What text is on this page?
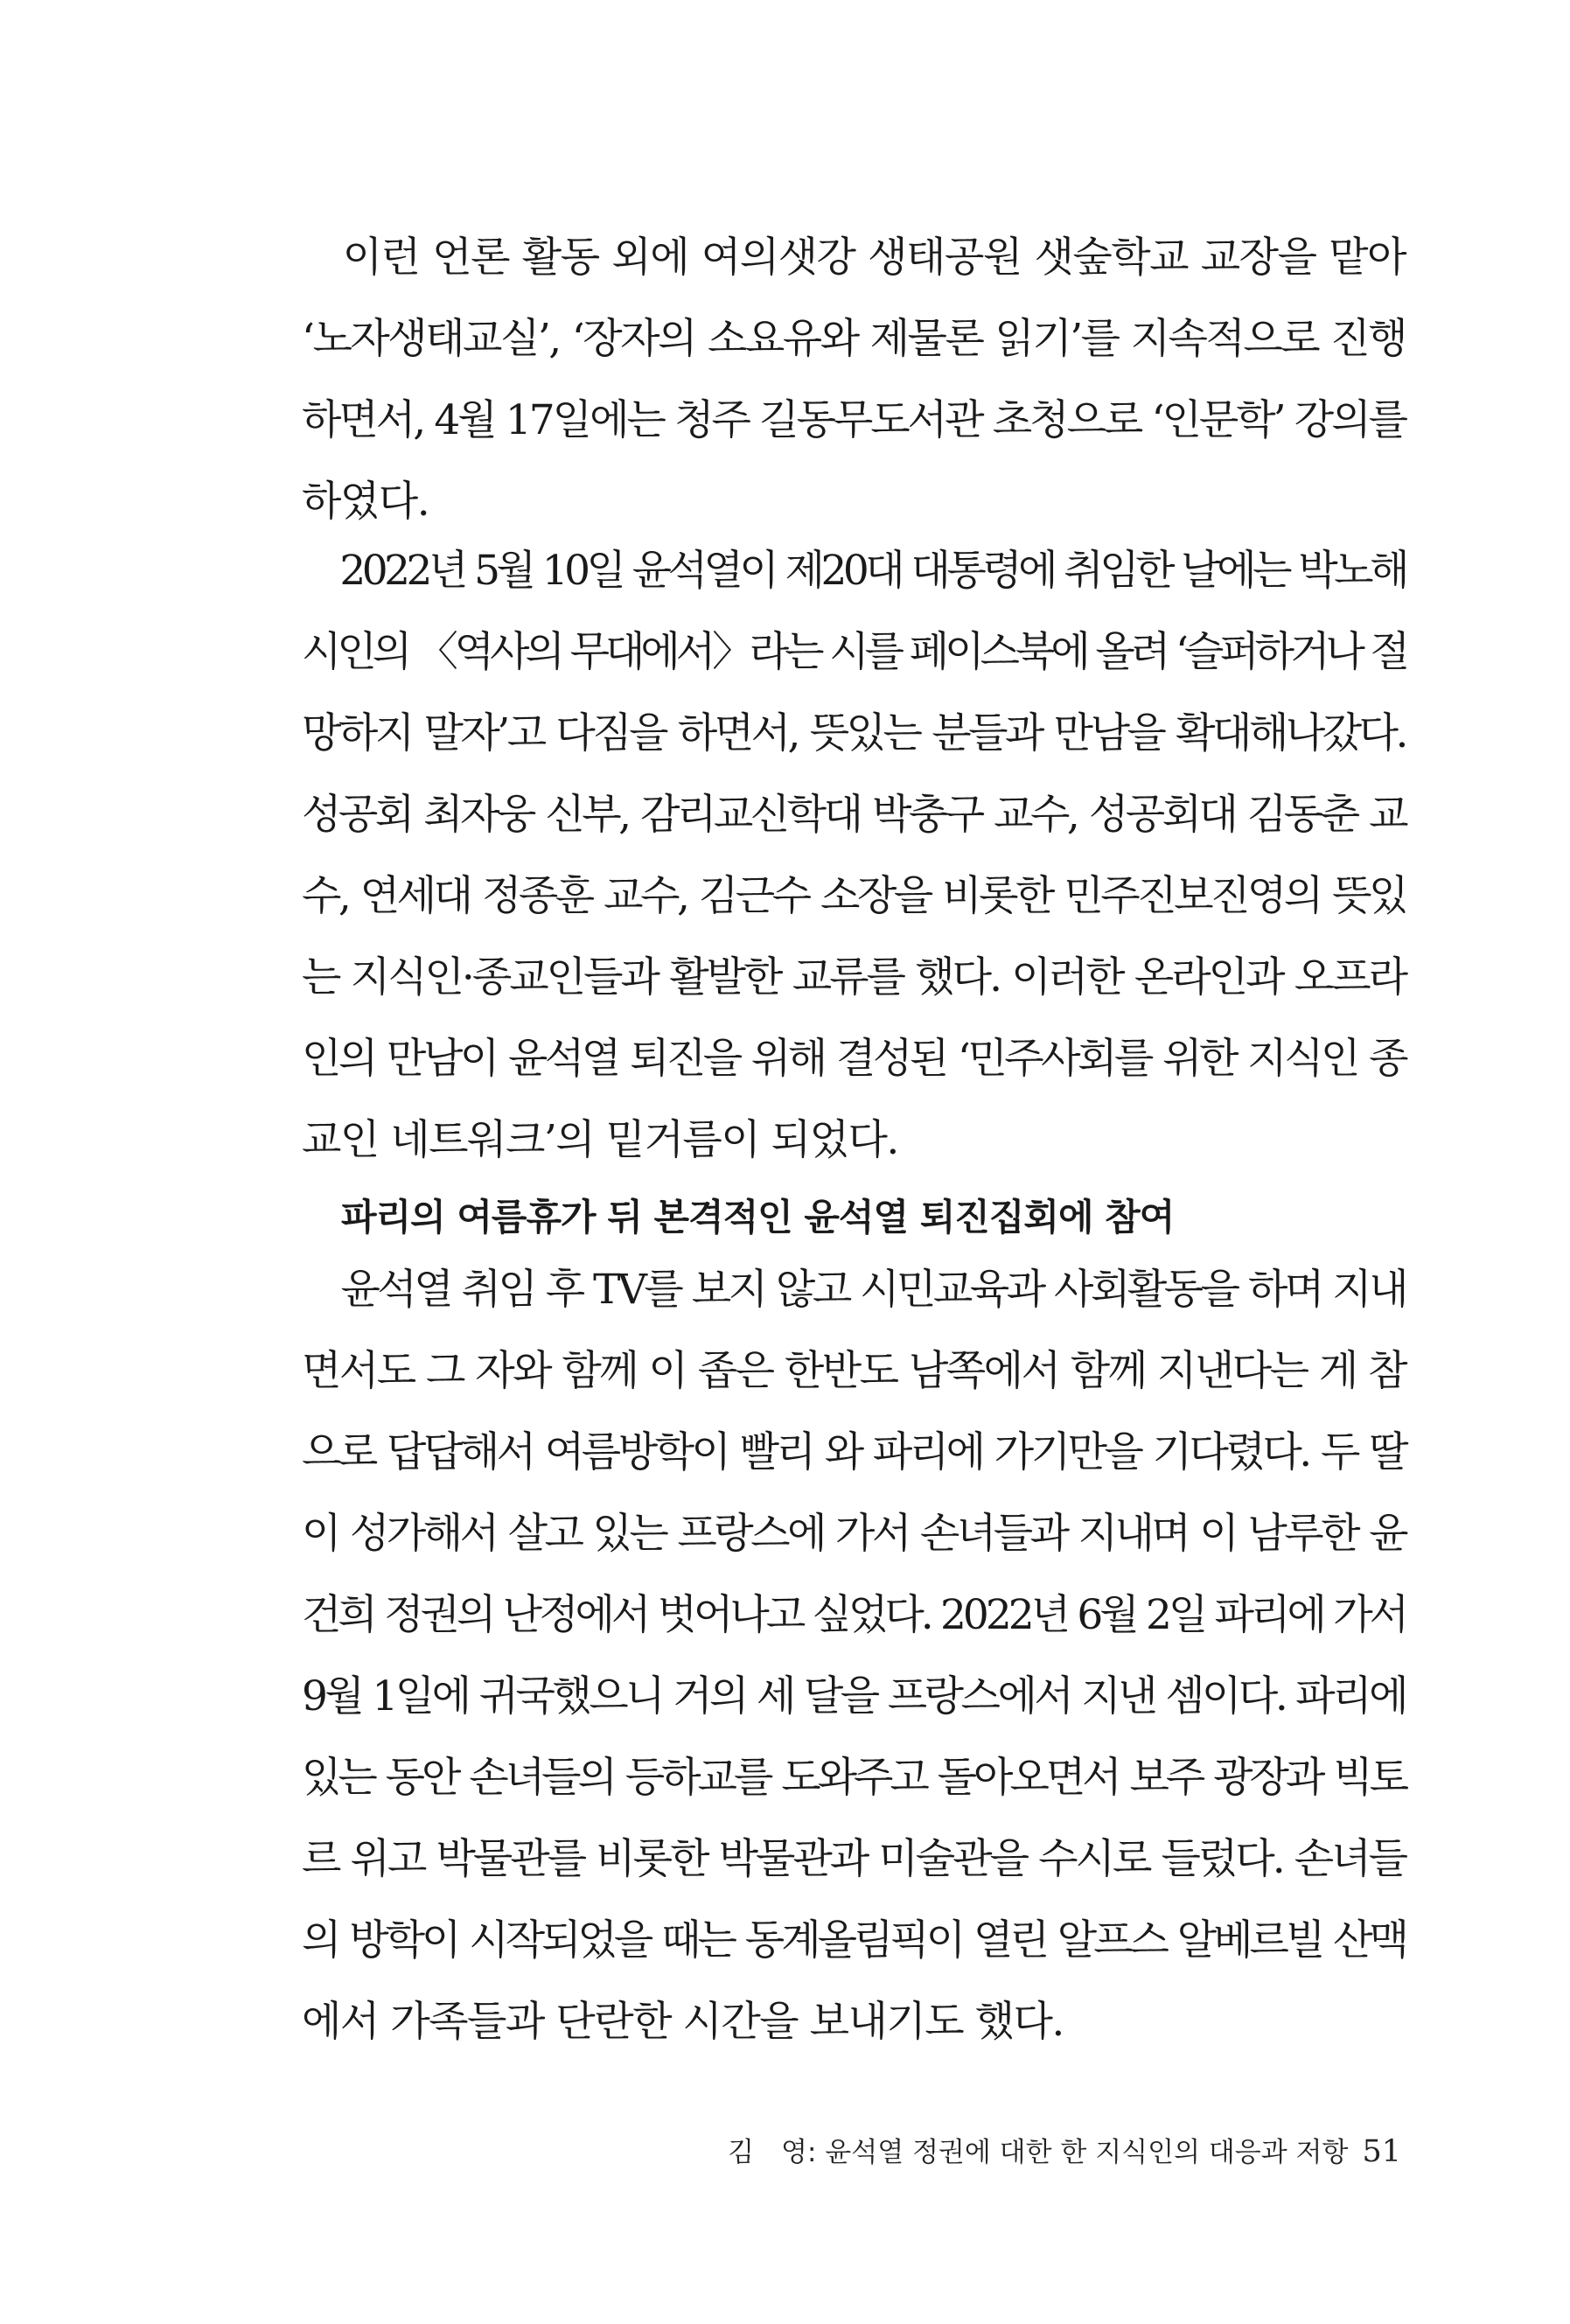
　이런 언론 활동 외에 여의샛강 생태공원 샛숲학교 교장을 맡아
‘노자생태교실’, ‘장자의 소요유와 제물론 읽기’를 지속적으로 진행
하면서, 4월 17일에는 청주 길동무도서관 초청으로 ‘인문학’ 강의를
하였다.
　2022년 5월 10일 윤석열이 제20대 대통령에 취임한 날에는 박노해
시인의 〈역사의 무대에서〉라는 시를 페이스북에 올려 ‘슬퍼하거나 절
망하지 말자’고 다짐을 하면서, 뜻있는 분들과 만남을 확대해나갔다.
성공회 최자웅 신부, 감리교신학대 박충구 교수, 성공회대 김동춘 교
수, 연세대 정종훈 교수, 김근수 소장을 비롯한 민주진보진영의 뜻있
는 지식인·종교인들과 활발한 교류를 했다. 이러한 온라인과 오프라
인의 만남이 윤석열 퇴진을 위해 결성된 ‘민주사회를 위한 지식인 종
교인 네트워크’의 밑거름이 되었다.
파리의 여름휴가 뒤 본격적인 윤석열 퇴진집회에 참여
　윤석열 취임 후 TV를 보지 않고 시민교육과 사회활동을 하며 지내
면서도 그 자와 함께 이 좁은 한반도 남쪽에서 함께 지낸다는 게 참
으로 답답해서 여름방학이 빨리 와 파리에 가기만을 기다렸다. 두 딸
이 성가해서 살고 있는 프랑스에 가서 손녀들과 지내며 이 남루한 윤
건희 정권의 난정에서 벗어나고 싶었다. 2022년 6월 2일 파리에 가서
9월 1일에 귀국했으니 거의 세 달을 프랑스에서 지낸 셈이다. 파리에
있는 동안 손녀들의 등하교를 도와주고 돌아오면서 보주 광장과 빅토
르 위고 박물관를 비롯한 박물관과 미술관을 수시로 들렀다. 손녀들
의 방학이 시작되었을 때는 동계올림픽이 열린 알프스 알베르빌 산맥
에서 가족들과 단란한 시간을 보내기도 했다.
김　영: 윤석열 정권에 대한 한 지식인의 대응과 저항 51
